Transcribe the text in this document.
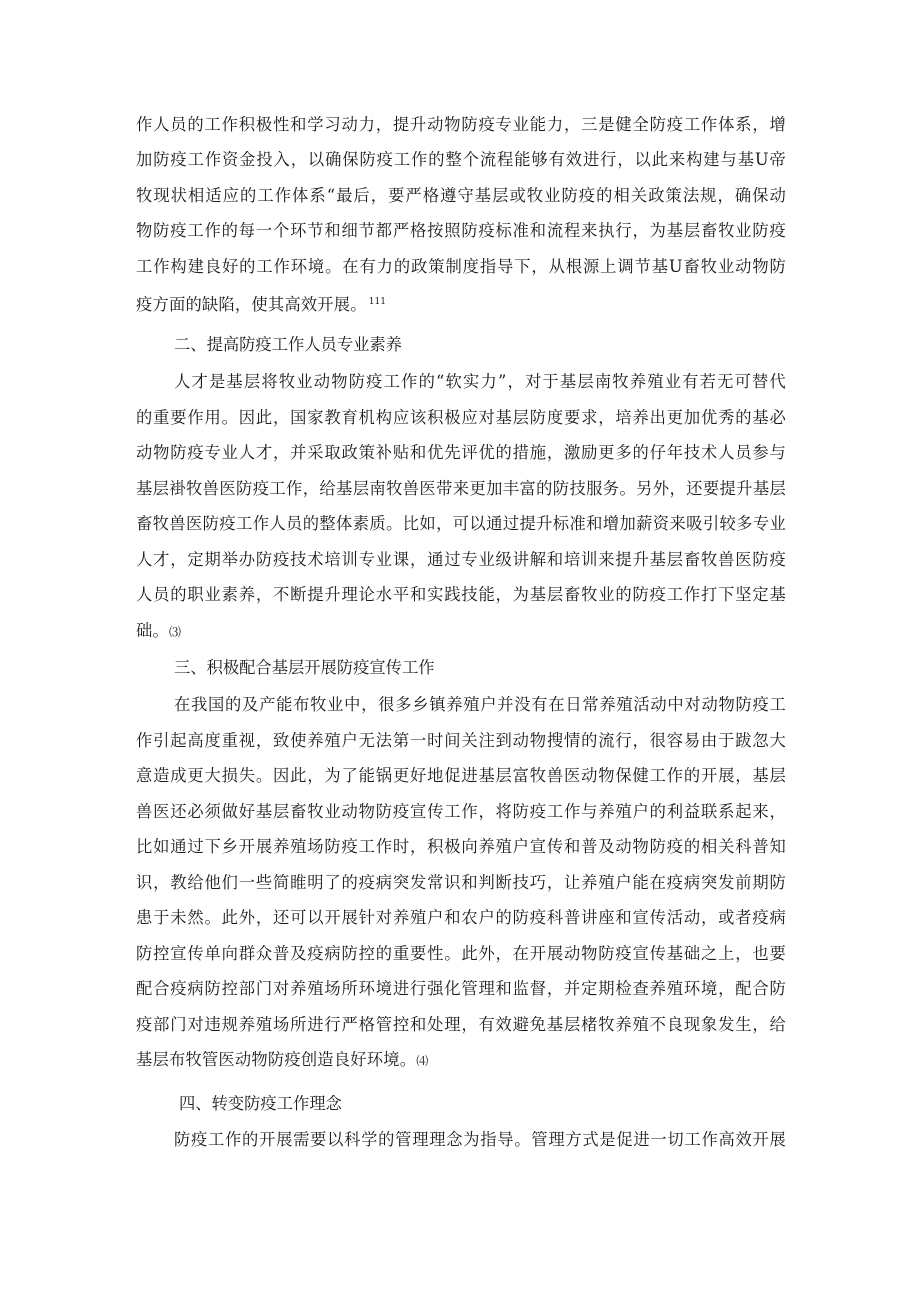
作人员的工作积极性和学习动力，提升动物防疫专业能力，三是健全防疫工作体系，增
加防疫工作资金投入，以确保防疫工作的整个流程能够有效进行，以此来构建与基U帝
牧现状相适应的工作体系“最后，要严格遵守基层或牧业防疫的相关政策法规，确保动
物防疫工作的每一个环节和细节都严格按照防疫标准和流程来执行，为基层畜牧业防疫
工作构建良好的工作环境。在有力的政策制度指导下，从根源上调节基U畜牧业动物防
疫方面的缺陷，使其高效开展。 $^{111}$
二、提高防疫工作人员专业素养
人才是基层将牧业动物防疫工作的“软实力”，对于基层南牧养殖业有若无可替代
的重要作用。因此，国家教育机构应该积极应对基层防度要求，培养出更加优秀的基必
动物防疫专业人才，并采取政策补贴和优先评优的措施，激励更多的仔年技术人员参与
基层褂牧兽医防疫工作，给基层南牧兽医带来更加丰富的防技服务。另外，还要提升基层
畜牧兽医防疫工作人员的整体素质。比如，可以通过提升标准和增加薪资来吸引较多专业
人才，定期举办防疫技术培训专业课，通过专业级讲解和培训来提升基层畜牧兽医防疫
人员的职业素养，不断提升理论水平和实践技能，为基层畜牧业的防疫工作打下坚定基
础。⑶
三、积极配合基层开展防疫宣传工作
在我国的及产能布牧业中，很多乡镇养殖户并没有在日常养殖活动中对动物防疫工
作引起高度重视，致使养殖户无法第一时间关注到动物搜情的流行，很容易由于跋忽大
意造成更大损失。因此，为了能锅更好地促进基层富牧兽医动物保健工作的开展，基层
兽医还必须做好基层畜牧业动物防疫宣传工作，将防疫工作与养殖户的利益联系起来，
比如通过下乡开展养殖场防疫工作时，积极向养殖户宣传和普及动物防疫的相关科普知
识，教给他们一些简睢明了的疫病突发常识和判断技巧，让养殖户能在疫病突发前期防
患于未然。此外，还可以开展针对养殖户和农户的防疫科普讲座和宣传活动，或者疫病
防控宣传单向群众普及疫病防控的重要性。此外，在开展动物防疫宣传基础之上，也要
配合疫病防控部门对养殖场所环境进行强化管理和监督，并定期检查养殖环境，配合防
疫部门对违规养殖场所进行严格管控和处理，有效避免基层楮牧养殖不良现象发生，给
基层布牧管医动物防疫创造良好环境。⑷
四、转变防疫工作理念
防疫工作的开展需要以科学的管理理念为指导。管理方式是促进一切工作高效开展
